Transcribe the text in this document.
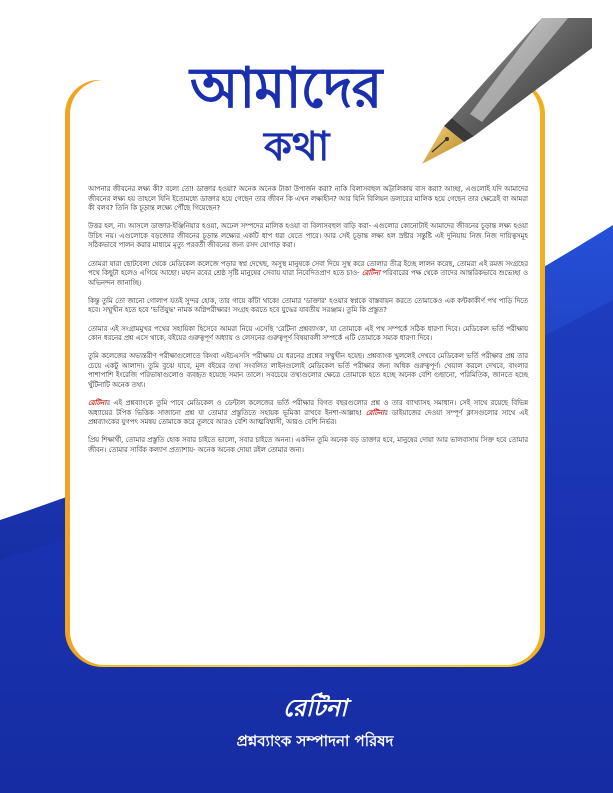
আমাদের
কথা

আপনার জীবনের লক্ষ্য কী? বলো তো! ডাক্তার হওয়া? অনেক অনেক টাকা উপার্জন করা? নাকি বিলাসবহুল অট্টালিকায় বাস করা? আচ্ছা, এগুলোই যদি আমাদের জীবনের লক্ষ্য হয় তাহলে যিনি ইতোমধ্যে ডাক্তার হয়ে গেছেন তার জীবন কি এখন লক্ষ্যহীন? আর যিনি বিলিয়ন ডলারের মালিক হয়ে গেছেন তার ক্ষেত্রেই বা আমরা কী বলব? তিনি কি চূড়ান্ত লক্ষ্যে পৌঁছে গিয়েছেন?

উত্তর হল, না। আসলে ডাক্তার-ইঞ্জিনিয়ার হওয়া, অঢেল সম্পদের মালিক হওয়া বা বিলাসবহুল বাড়ি করা- এগুলোর কোনোটাই আমাদের জীবনের চূড়ান্ত লক্ষ্য হওয়া উচিৎ নয়। এগুলোকে বড়জোর জীবনের চূড়ান্ত লক্ষ্যের একটি ধাপ ধরা যেতে পারে। আর সেই চূড়ান্ত লক্ষ্য হল স্রষ্টার সন্তুষ্টি এই দুনিয়ায় নিজ নিজ দায়িত্বসমূহ সঠিকভাবে পালন করার মাধ্যমে মৃত্যু পরবর্তী জীবনের জন্য রসদ যোগাড় করা।

তোমরা যারা ছোটবেলা থেকে মেডিকেল কলেজে পড়ার স্বপ্ন দেখেছ, অসুস্থ মানুষকে সেবা দিয়ে সুস্থ করে তোলার তীব্র ইচ্ছে লালন করেছ, তোমরা এই রমজ সংগ্রহের পথে কিছুটা হলেও এগিয়ে আছো। মহান রবের শ্রেষ্ঠ সৃষ্টি মানুষের সেবায় যারা নিবেদিতপ্রাণ হতে চাও- রেটিনা পরিবারের পক্ষ থেকে তাদের আন্তরিকভাবে শুভেচ্ছা ও অভিনন্দন জানাচ্ছি।

কিন্তু তুমি তো জানো গোলাপ যতই সুন্দর হোক, তার গায়ে কাঁটা থাকে! তোমার 'ডাক্তার' হওয়ার স্বপ্নকে বাস্তবায়ন করতে তোমাকেও এক কন্টকাকীর্ণ পথ পাড়ি দিতে হবে। সম্মুখীন হতে হবে 'ভর্তিযুদ্ধ' নামক অগ্নিপরীক্ষার! সংগ্রহ করতে হবে যুদ্ধের যাবতীয় সরঞ্জাম। তুমি কি প্রস্তুত?

তোমার এই সংগ্রামমুখর পথের সহায়িকা হিসেবে আমরা নিয়ে এসেছি 'রেটিনা প্রশ্নব্যাংক', যা তোমাকে এই পথ সম্পর্কে সঠিক ধারণা দিবে। মেডিকেল ভর্তি পরীক্ষায় কোন ধরনের প্রশ্ন এসে থাকে, বইয়ের গুরুত্বপূর্ণ অধ্যায় ও লেসনের গুরুত্বপূর্ণ বিষয়াবলী সম্পর্কে এটি তোমাকে সম্যক ধারণা দিবে।

তুমি কলেজের অভ্যন্তরীণ পরীক্ষাগুলোতে কিংবা এইচএসসি পরীক্ষায় যে ধরনের প্রশ্নের সম্মুখীন হয়েছ। প্রশ্নব্যাংক খুললেই দেখবে মেডিকেল ভর্তি পরীক্ষার প্রশ্ন তার চেয়ে একটু আলাদা। তুমি বুঝে যাবে, মূল বইয়ের তথ্য সংবলিত লাইনগুলোই মেডিকেল ভর্তি পরীক্ষার জন্য অধিক গুরুত্বপূর্ণ। খেয়াল করলে দেখবে, বাংলার পাশাপাশি ইংরেজি পরিভাষাগুলোও ব্যবহৃত হয়েছে সমান তালে। সবচেয়ে তথ্যগুলোর ক্ষেত্রে তোমাকে হতে হচ্ছে অনেক বেশি গুছানো, পরিমিতিক, জানতে হচ্ছে খুঁটিনাটি অনেক তথ্য।

রেটিনার এই প্রশ্নব্যাংকে তুমি পাবে মেডিকেল ও ডেন্টাল কলেজের ভর্তি পরীক্ষার বিগত বছরগুলোর প্রশ্ন ও তার ব্যাখ্যাসহ সমাধান। সেই সাথে রয়েছে বিভিন্ন অধ্যায়ের টপিক ভিত্তিক সাজানো প্রশ্ন যা তোমার প্রস্তুতিতে সহায়ক ভূমিকা রাখবে ইনশা-আল্লাহ! রেটিনার ডাইয়াজের দেওয়া সম্পূর্ণ ক্লাসগুলোর সাথে এই প্রশ্নব্যাংকের যুগপৎ সমন্বয় তোমাকে করে তুলবে আরও বেশি আত্মবিশ্বাসী, আরও বেশি নির্ভর।

প্রিয় শিক্ষার্থী, তোমার প্রস্তুতি হোক সবার চাইতে ভালো, সবার চাইতে অনন্য। একদিন তুমি অনেক বড় ডাক্তার হবে, মানুষের দোয়া আর ভালবাসায় সিক্ত হবে তোমার জীবন। তোমার সার্বিক কল্যাণ প্রত্যাশায়- অনেক অনেক দোয়া রইল তোমার জন্য।

রেটিনা
প্রশ্নব্যাংক সম্পাদনা পরিষদ
